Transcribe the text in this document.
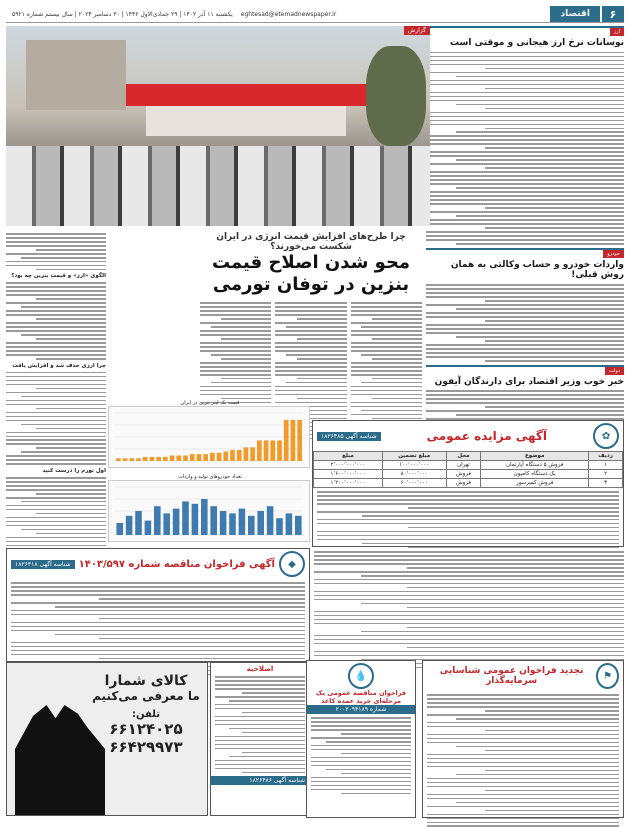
۶
اقتصاد
eghtesad@etemadnewspaper.ir
یکشنبه ۱۱ آذر ۱۴۰۲ | ۲۹ جمادی‌الاول ۱۴۴۶ | ۳۰ دسامبر ۲۰۲۴ | سال بیستم شماره ۵۹۲۱
ارز
نوسانات نرخ ارز هیجانی و موقتی است
خودرو
واردات خودرو و حساب وکالتی به همان روش قبلی!
دولت
خبر خوب وزیر اقتصاد برای دارندگان آیفون
گزارش
چرا طرح‌های افزایش قیمت انرژی در ایران شکست می‌خورند؟
محو شدن اصلاح قیمت بنزین در توفان تورمی
قیمت یک لیتر بنزین در ایران
تعداد خودروهای تولید و واردات
الگوی «ارز» و قیمت بنزین چه بود؟
چرا ارزی حذف شد و افزایش یافت
اول تورم را درست کنید
✿
آگهی مزایده عمومی
شناسه آگهی ۱۸۲۶۴۸۵
ردیف	موضوع	محل	مبلغ تضمین	مبلغ
۱	فروش ۵ دستگاه آپارتمان	تهران	۱۰۰٬۰۰۰٬۰۰۰	۲٬۰۰۰٬۰۰۰٬۰۰۰
۲	یک دستگاه کامیون	فروش	۸۰٬۰۰۰٬۰۰۰	۱٬۶۰۰٬۰۰۰٬۰۰۰
۳	فروش کمپرسور	فروش	۶۰٬۰۰۰٬۰۰۰	۱٬۲۰۰٬۰۰۰٬۰۰۰
◆
آگهی فراخوان مناقصه شماره ۱۴۰۳/۵۹۷
شناسه آگهی ۱۸۲۶۳۱۸
اصلاحیه
شناسه آگهی ۱۸۲۶۴۸۶
💧
فراخوان مناقصه عمومی یک مرحله‌ای خرید عمده کاغذ
شماره ۲۰۰۳۰۹۴۱۸۹
⚑
تجدید فراخوان عمومی شناسایی سرمایه‌گذار
کالای شمارا
ما معرفی می‌کنیم
تلفن:
۶۶۱۲۴۰۲۵
۶۶۴۲۹۹۷۳
